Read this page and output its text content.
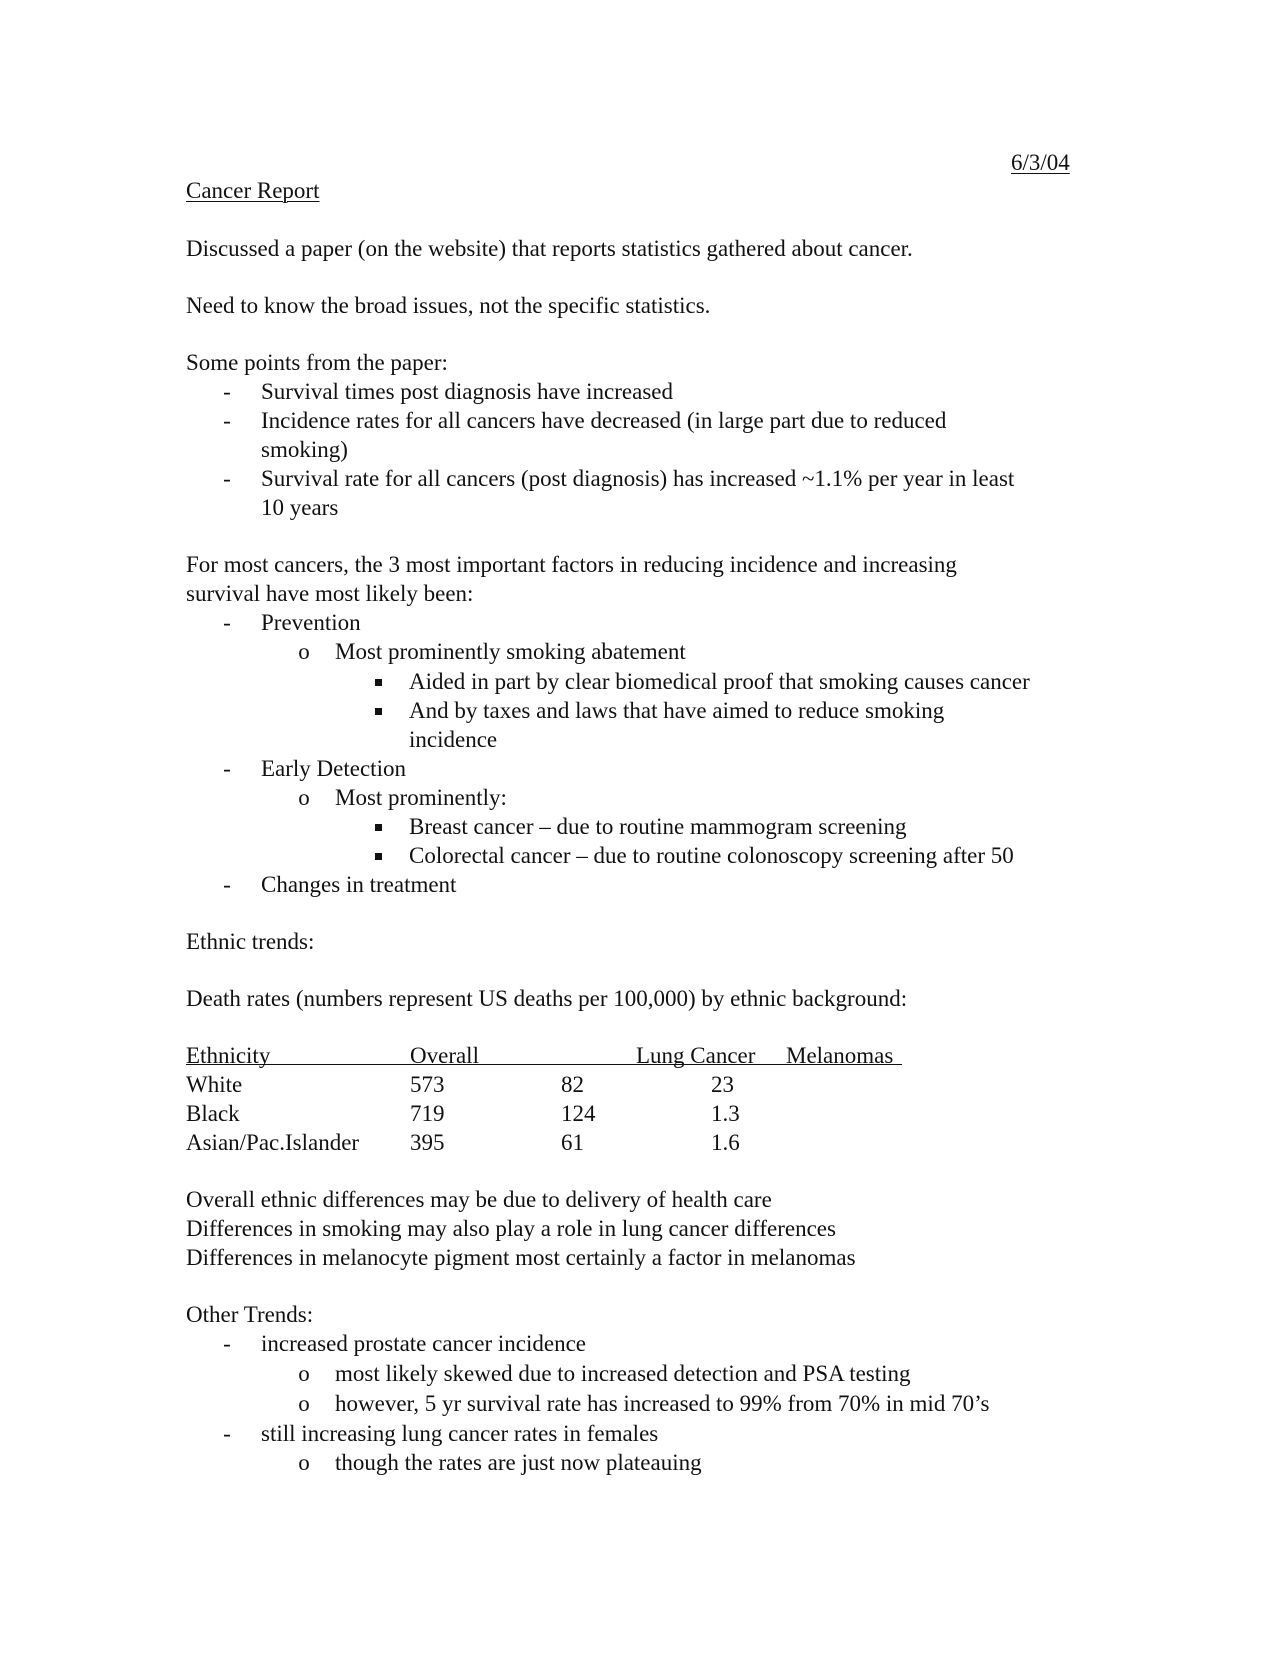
6/3/04
Cancer Report
Discussed a paper (on the website) that reports statistics gathered about cancer.
Need to know the broad issues, not the specific statistics.
Some points from the paper:
- Survival times post diagnosis have increased
- Incidence rates for all cancers have decreased (in large part due to reduced
smoking)
- Survival rate for all cancers (post diagnosis) has increased ~1.1% per year in least
10 years
For most cancers, the 3 most important factors in reducing incidence and increasing
survival have most likely been:
- Prevention
o Most prominently smoking abatement
Aided in part by clear biomedical proof that smoking causes cancer
And by taxes and laws that have aimed to reduce smoking
incidence
- Early Detection
o Most prominently:
Breast cancer – due to routine mammogram screening
Colorectal cancer – due to routine colonoscopy screening after 50
- Changes in treatment
Ethnic trends:
Death rates (numbers represent US deaths per 100,000) by ethnic background:
Ethnicity	Overall	Lung Cancer Melanomas
White	573	82	23
Black	719	124	1.3
Asian/Pac.Islander 395	61	1.6
Overall ethnic differences may be due to delivery of health care
Differences in smoking may also play a role in lung cancer differences
Differences in melanocyte pigment most certainly a factor in melanomas
Other Trends:
- increased prostate cancer incidence
o most likely skewed due to increased detection and PSA testing
o however, 5 yr survival rate has increased to 99% from 70% in mid 70’s
- still increasing lung cancer rates in females
o though the rates are just now plateauing
